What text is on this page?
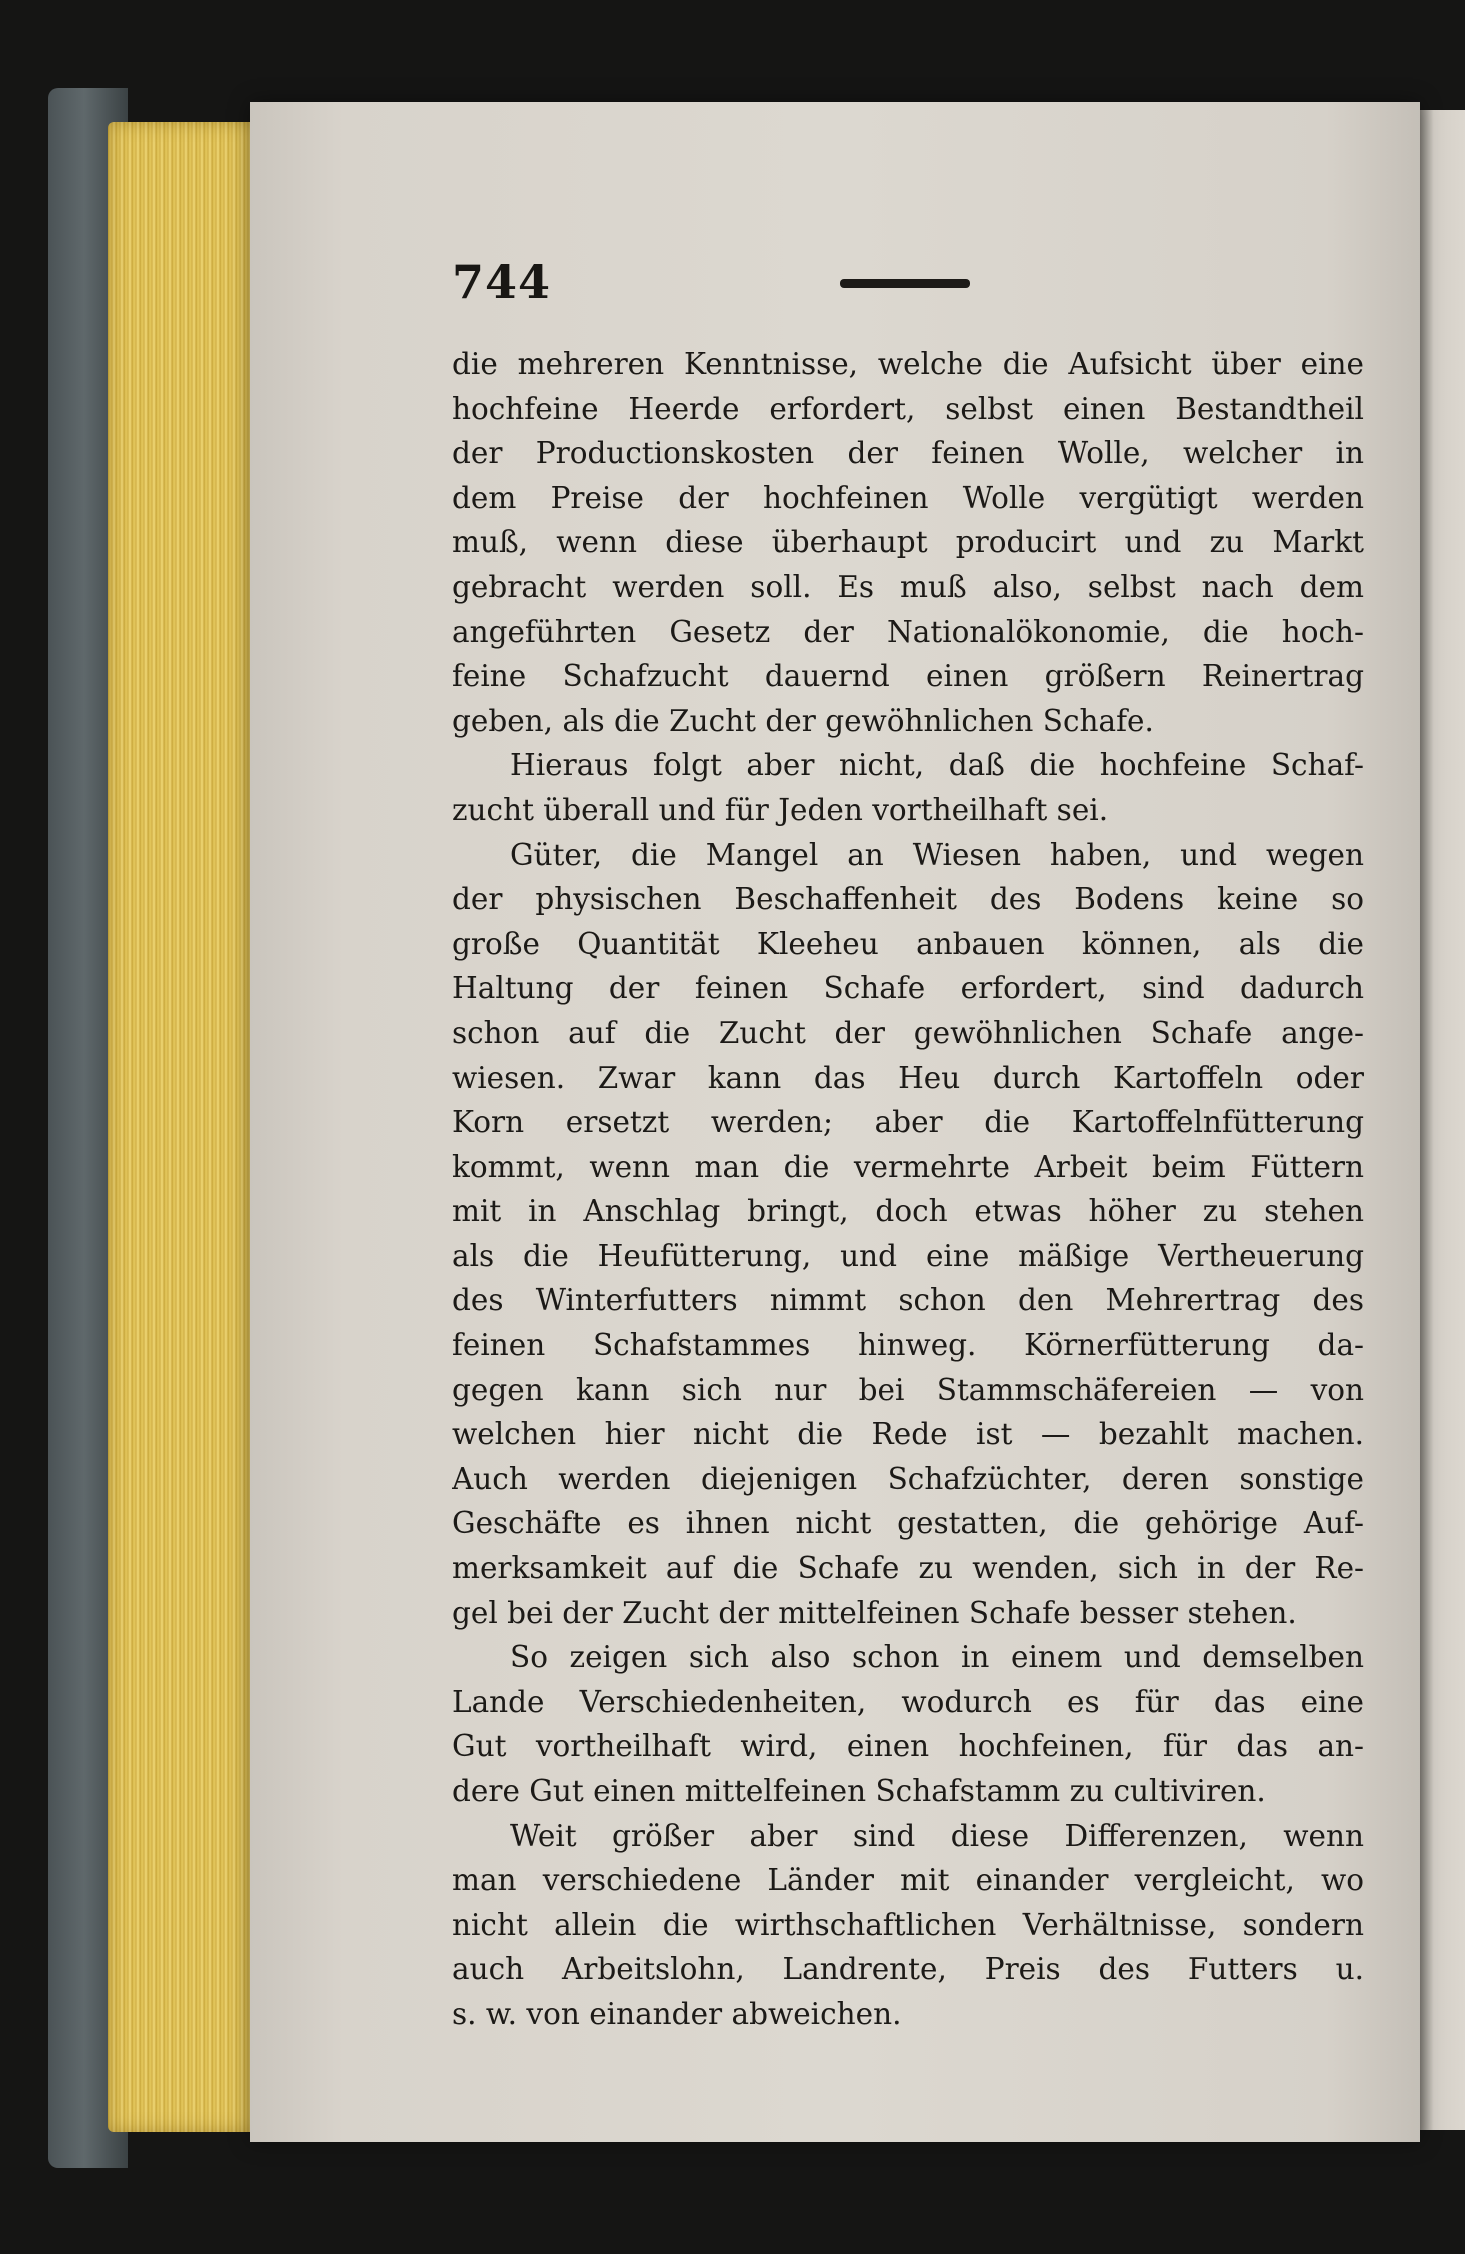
744
die mehreren Kenntnisse, welche die Aufsicht über eine
hochfeine Heerde erfordert, selbst einen Bestandtheil
der Productionskosten der feinen Wolle, welcher in
dem Preise der hochfeinen Wolle vergütigt werden
muß, wenn diese überhaupt producirt und zu Markt
gebracht werden soll. Es muß also, selbst nach dem
angeführten Gesetz der Nationalökonomie, die hoch-
feine Schafzucht dauernd einen größern Reinertrag
geben, als die Zucht der gewöhnlichen Schafe.
Hieraus folgt aber nicht, daß die hochfeine Schaf-
zucht überall und für Jeden vortheilhaft sei.
Güter, die Mangel an Wiesen haben, und wegen
der physischen Beschaffenheit des Bodens keine so
große Quantität Kleeheu anbauen können, als die
Haltung der feinen Schafe erfordert, sind dadurch
schon auf die Zucht der gewöhnlichen Schafe ange-
wiesen. Zwar kann das Heu durch Kartoffeln oder
Korn ersetzt werden; aber die Kartoffelnfütterung
kommt, wenn man die vermehrte Arbeit beim Füttern
mit in Anschlag bringt, doch etwas höher zu stehen
als die Heufütterung, und eine mäßige Vertheuerung
des Winterfutters nimmt schon den Mehrertrag des
feinen Schafstammes hinweg. Körnerfütterung da-
gegen kann sich nur bei Stammschäfereien — von
welchen hier nicht die Rede ist — bezahlt machen.
Auch werden diejenigen Schafzüchter, deren sonstige
Geschäfte es ihnen nicht gestatten, die gehörige Auf-
merksamkeit auf die Schafe zu wenden, sich in der Re-
gel bei der Zucht der mittelfeinen Schafe besser stehen.
So zeigen sich also schon in einem und demselben
Lande Verschiedenheiten, wodurch es für das eine
Gut vortheilhaft wird, einen hochfeinen, für das an-
dere Gut einen mittelfeinen Schafstamm zu cultiviren.
Weit größer aber sind diese Differenzen, wenn
man verschiedene Länder mit einander vergleicht, wo
nicht allein die wirthschaftlichen Verhältnisse, sondern
auch Arbeitslohn, Landrente, Preis des Futters u.
s. w. von einander abweichen.
